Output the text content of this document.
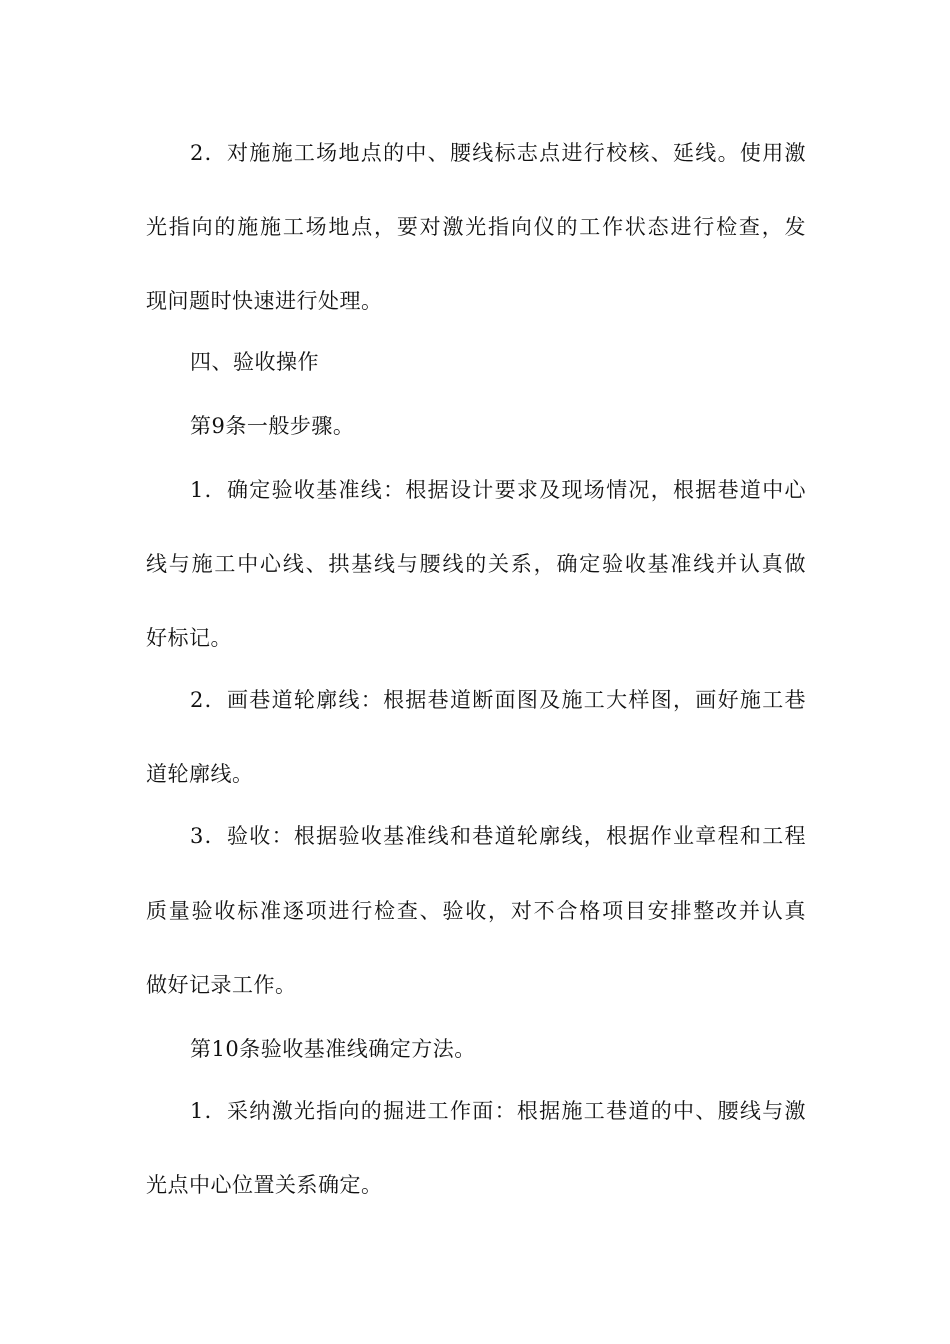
2．对施施工场地点的中、腰线标志点进行校核、延线。使用激
光指向的施施工场地点，要对激光指向仪的工作状态进行检查，发
现问题时快速进行处理。
四、验收操作
第9条一般步骤。
1．确定验收基准线：根据设计要求及现场情况，根据巷道中心
线与施工中心线、拱基线与腰线的关系，确定验收基准线并认真做
好标记。
2．画巷道轮廓线：根据巷道断面图及施工大样图，画好施工巷
道轮廓线。
3．验收：根据验收基准线和巷道轮廓线，根据作业章程和工程
质量验收标准逐项进行检查、验收，对不合格项目安排整改并认真
做好记录工作。
第10条验收基准线确定方法。
1．采纳激光指向的掘进工作面：根据施工巷道的中、腰线与激
光点中心位置关系确定。
